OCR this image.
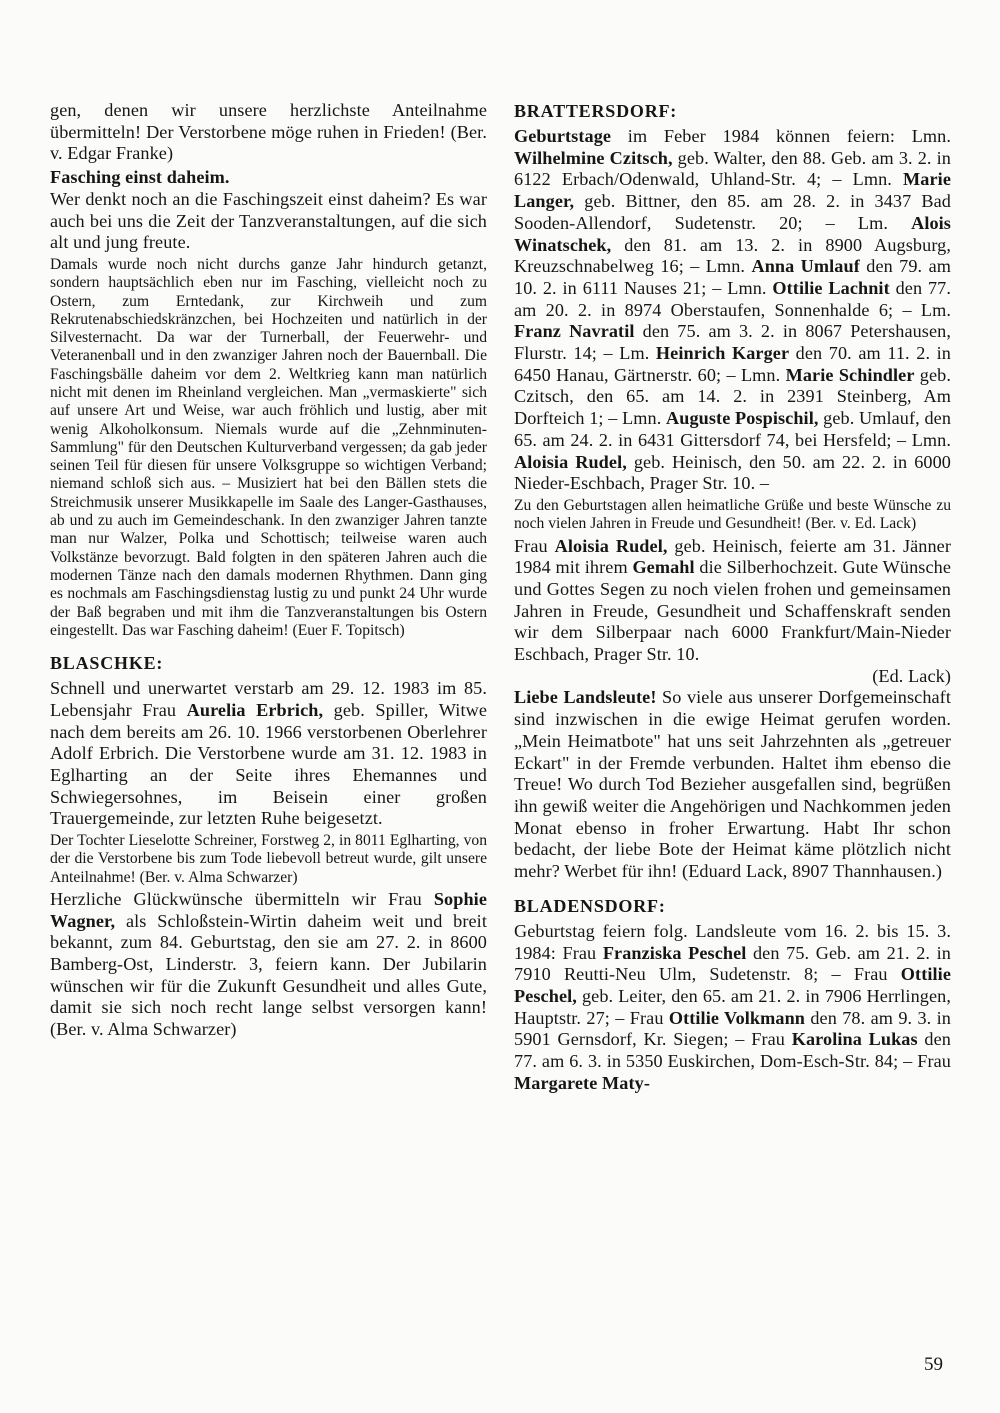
gen, denen wir unsere herzlichste Anteilnahme übermitteln! Der Verstorbene möge ruhen in Frieden! (Ber. v. Edgar Franke)

Fasching einst daheim.

Wer denkt noch an die Faschingszeit einst daheim? Es war auch bei uns die Zeit der Tanzveranstaltungen, auf die sich alt und jung freute.

Damals wurde noch nicht durchs ganze Jahr hindurch getanzt, sondern hauptsächlich eben nur im Fasching, vielleicht noch zu Ostern, zum Erntedank, zur Kirchweih und zum Rekrutenabschiedskränzchen, bei Hochzeiten und natürlich in der Silvesternacht. Da war der Turnerball, der Feuerwehr- und Veteranenball und in den zwanziger Jahren noch der Bauernball. Die Faschingsbälle daheim vor dem 2. Weltkrieg kann man natürlich nicht mit denen im Rheinland vergleichen. Man „vermaskierte" sich auf unsere Art und Weise, war auch fröhlich und lustig, aber mit wenig Alkoholkonsum. Niemals wurde auf die „Zehnminuten-Sammlung" für den Deutschen Kulturverband vergessen; da gab jeder seinen Teil für diesen für unsere Volksgruppe so wichtigen Verband; niemand schloß sich aus. – Musiziert hat bei den Bällen stets die Streichmusik unserer Musikkapelle im Saale des Langer-Gasthauses, ab und zu auch im Gemeindeschank. In den zwanziger Jahren tanzte man nur Walzer, Polka und Schottisch; teilweise waren auch Volkstänze bevorzugt. Bald folgten in den späteren Jahren auch die modernen Tänze nach den damals modernen Rhythmen. Dann ging es nochmals am Faschingsdienstag lustig zu und punkt 24 Uhr wurde der Baß begraben und mit ihm die Tanzveranstaltungen bis Ostern eingestellt. Das war Fasching daheim! (Euer F. Topitsch)

BLASCHKE:

Schnell und unerwartet verstarb am 29. 12. 1983 im 85. Lebensjahr Frau Aurelia Erbrich, geb. Spiller, Witwe nach dem bereits am 26. 10. 1966 verstorbenen Oberlehrer Adolf Erbrich. Die Verstorbene wurde am 31. 12. 1983 in Eglharting an der Seite ihres Ehemannes und Schwiegersohnes, im Beisein einer großen Trauergemeinde, zur letzten Ruhe beigesetzt.

Der Tochter Lieselotte Schreiner, Forstweg 2, in 8011 Eglharting, von der die Verstorbene bis zum Tode liebevoll betreut wurde, gilt unsere Anteilnahme! (Ber. v. Alma Schwarzer)

Herzliche Glückwünsche übermitteln wir Frau Sophie Wagner, als Schloßstein-Wirtin daheim weit und breit bekannt, zum 84. Geburtstag, den sie am 27. 2. in 8600 Bamberg-Ost, Linderstr. 3, feiern kann. Der Jubilarin wünschen wir für die Zukunft Gesundheit und alles Gute, damit sie sich noch recht lange selbst versorgen kann! (Ber. v. Alma Schwarzer)

BRATTERSDORF:

Geburtstage im Feber 1984 können feiern: Lmn. Wilhelmine Czitsch, geb. Walter, den 88. Geb. am 3. 2. in 6122 Erbach/Odenwald, Uhland-Str. 4; – Lmn. Marie Langer, geb. Bittner, den 85. am 28. 2. in 3437 Bad Sooden-Allendorf, Sudetenstr. 20; – Lm. Alois Winatschek, den 81. am 13. 2. in 8900 Augsburg, Kreuzschnabelweg 16; – Lmn. Anna Umlauf den 79. am 10. 2. in 6111 Nauses 21; – Lmn. Ottilie Lachnit den 77. am 20. 2. in 8974 Oberstaufen, Sonnenhalde 6; – Lm. Franz Navratil den 75. am 3. 2. in 8067 Petershausen, Flurstr. 14; – Lm. Heinrich Karger den 70. am 11. 2. in 6450 Hanau, Gärtnerstr. 60; – Lmn. Marie Schindler geb. Czitsch, den 65. am 14. 2. in 2391 Steinberg, Am Dorfteich 1; – Lmn. Auguste Pospischil, geb. Umlauf, den 65. am 24. 2. in 6431 Gittersdorf 74, bei Hersfeld; – Lmn. Aloisia Rudel, geb. Heinisch, den 50. am 22. 2. in 6000 Nieder-Eschbach, Prager Str. 10. –

Zu den Geburtstagen allen heimatliche Grüße und beste Wünsche zu noch vielen Jahren in Freude und Gesundheit! (Ber. v. Ed. Lack)

Frau Aloisia Rudel, geb. Heinisch, feierte am 31. Jänner 1984 mit ihrem Gemahl die Silberhochzeit. Gute Wünsche und Gottes Segen zu noch vielen frohen und gemeinsamen Jahren in Freude, Gesundheit und Schaffenskraft senden wir dem Silberpaar nach 6000 Frankfurt/Main-Nieder Eschbach, Prager Str. 10.

(Ed. Lack)

Liebe Landsleute! So viele aus unserer Dorfgemeinschaft sind inzwischen in die ewige Heimat gerufen worden. „Mein Heimatbote" hat uns seit Jahrzehnten als „getreuer Eckart" in der Fremde verbunden. Haltet ihm ebenso die Treue! Wo durch Tod Bezieher ausgefallen sind, begrüßen ihn gewiß weiter die Angehörigen und Nachkommen jeden Monat ebenso in froher Erwartung. Habt Ihr schon bedacht, der liebe Bote der Heimat käme plötzlich nicht mehr? Werbet für ihn! (Eduard Lack, 8907 Thannhausen.)

BLADENSDORF:

Geburtstag feiern folg. Landsleute vom 16. 2. bis 15. 3. 1984: Frau Franziska Peschel den 75. Geb. am 21. 2. in 7910 Reutti-Neu Ulm, Sudetenstr. 8; – Frau Ottilie Peschel, geb. Leiter, den 65. am 21. 2. in 7906 Herrlingen, Hauptstr. 27; – Frau Ottilie Volkmann den 78. am 9. 3. in 5901 Gernsdorf, Kr. Siegen; – Frau Karolina Lukas den 77. am 6. 3. in 5350 Euskirchen, Dom-Esch-Str. 84; – Frau Margarete Maty-

59
